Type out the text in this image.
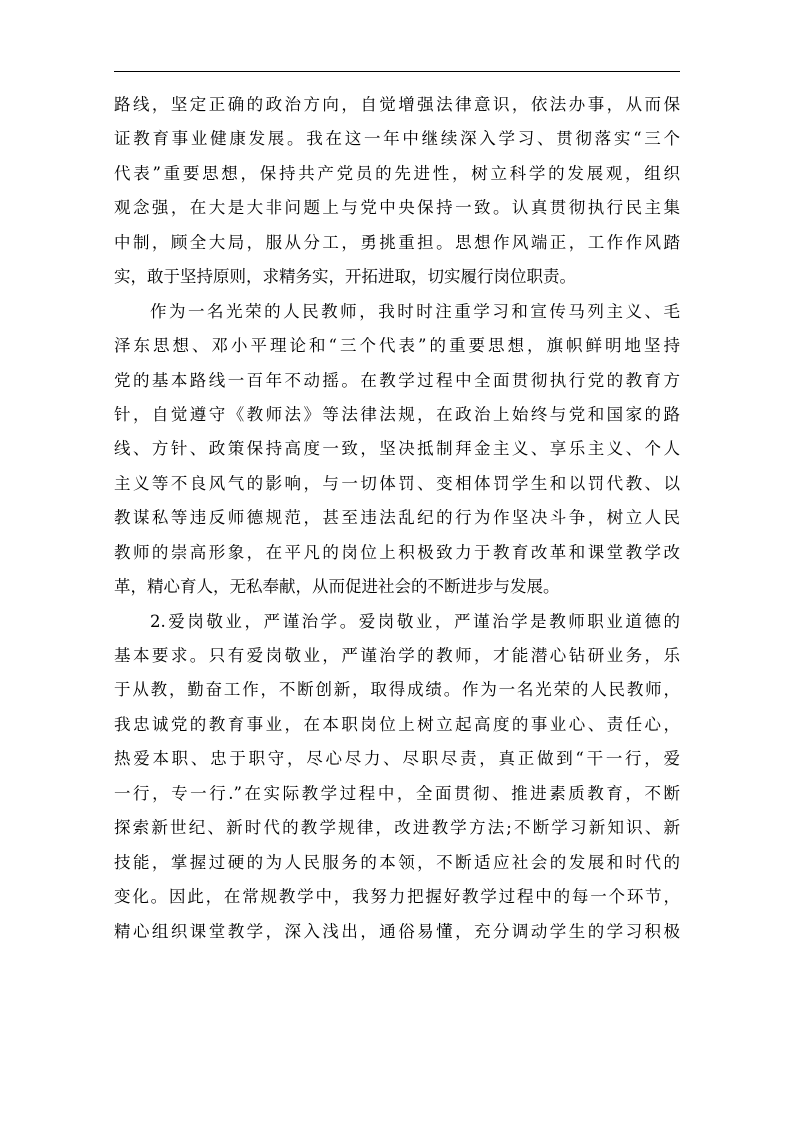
路线，坚定正确的政治方向，自觉增强法律意识，依法办事，从而保
证教育事业健康发展。我在这一年中继续深入学习、贯彻落实“三个
代表”重要思想，保持共产党员的先进性，树立科学的发展观，组织
观念强，在大是大非问题上与党中央保持一致。认真贯彻执行民主集
中制，顾全大局，服从分工，勇挑重担。思想作风端正，工作作风踏
实，敢于坚持原则，求精务实，开拓进取，切实履行岗位职责。
作为一名光荣的人民教师，我时时注重学习和宣传马列主义、毛
泽东思想、邓小平理论和“三个代表”的重要思想，旗帜鲜明地坚持
党的基本路线一百年不动摇。在教学过程中全面贯彻执行党的教育方
针，自觉遵守《教师法》等法律法规，在政治上始终与党和国家的路
线、方针、政策保持高度一致，坚决抵制拜金主义、享乐主义、个人
主义等不良风气的影响，与一切体罚、变相体罚学生和以罚代教、以
教谋私等违反师德规范，甚至违法乱纪的行为作坚决斗争，树立人民
教师的崇高形象，在平凡的岗位上积极致力于教育改革和课堂教学改
革，精心育人，无私奉献，从而促进社会的不断进步与发展。
2.爱岗敬业，严谨治学。爱岗敬业，严谨治学是教师职业道德的
基本要求。只有爱岗敬业，严谨治学的教师，才能潜心钻研业务，乐
于从教，勤奋工作，不断创新，取得成绩。作为一名光荣的人民教师，
我忠诚党的教育事业，在本职岗位上树立起高度的事业心、责任心，
热爱本职、忠于职守，尽心尽力、尽职尽责，真正做到“干一行，爱
一行，专一行.”在实际教学过程中，全面贯彻、推进素质教育，不断
探索新世纪、新时代的教学规律，改进教学方法;不断学习新知识、新
技能，掌握过硬的为人民服务的本领，不断适应社会的发展和时代的
变化。因此，在常规教学中，我努力把握好教学过程中的每一个环节，
精心组织课堂教学，深入浅出，通俗易懂，充分调动学生的学习积极
